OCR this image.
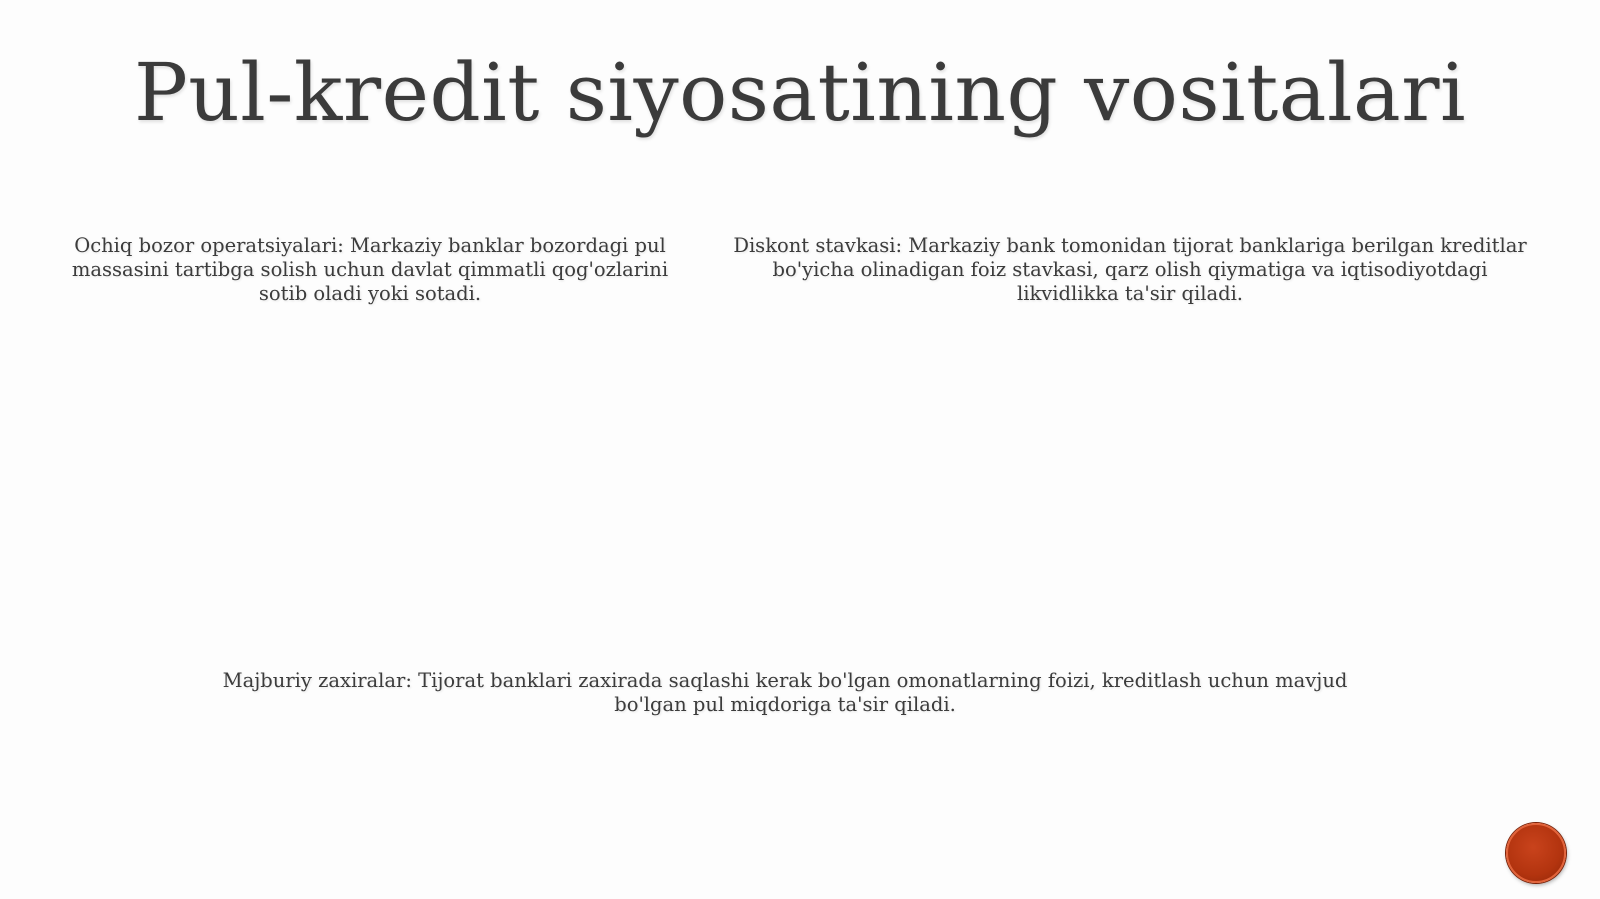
Pul-kredit siyosatining vositalari
Ochiq bozor operatsiyalari: Markaziy banklar bozordagi pul massasini tartibga solish uchun davlat qimmatli qog'ozlarini sotib oladi yoki sotadi.
Diskont stavkasi: Markaziy bank tomonidan tijorat banklariga berilgan kreditlar bo'yicha olinadigan foiz stavkasi, qarz olish qiymatiga va iqtisodiyotdagi likvidlikka ta'sir qiladi.
Majburiy zaxiralar: Tijorat banklari zaxirada saqlashi kerak bo'lgan omonatlarning foizi, kreditlash uchun mavjud bo'lgan pul miqdoriga ta'sir qiladi.
